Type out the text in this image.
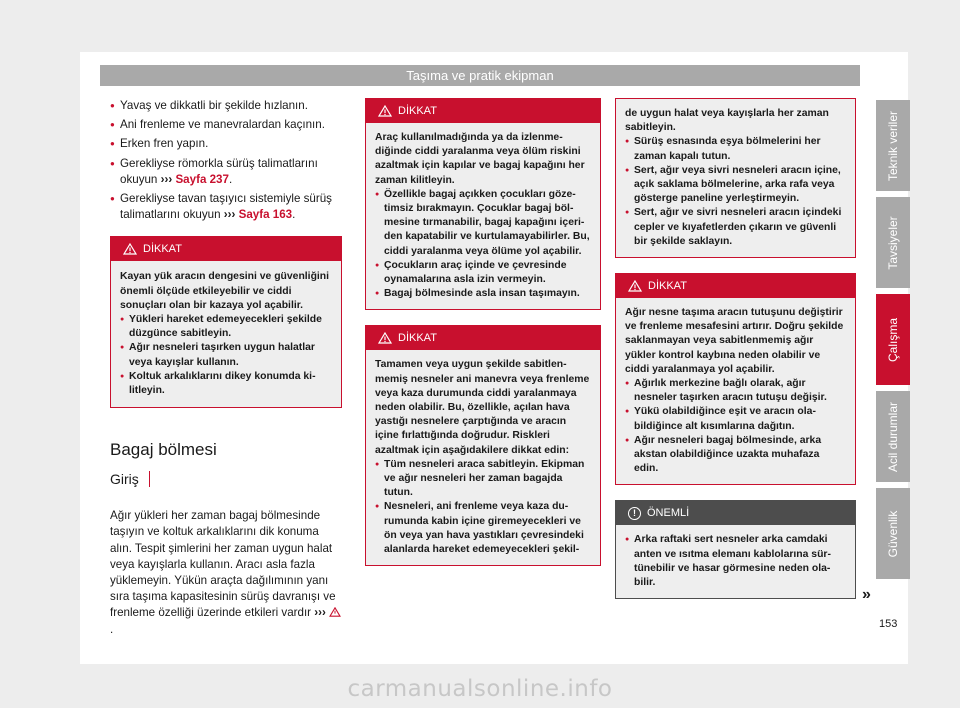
Taşıma ve pratik ekipman
● Yavaş ve dikkatli bir şekilde hızlanın.
● Ani frenleme ve manevralardan kaçının.
● Erken fren yapın.
● Gerekliyse römorkla sürüş talimatlarını okuyun ››› Sayfa 237.
● Gerekliyse tavan taşıyıcı sistemiyle sürüş talimatlarını okuyun ››› Sayfa 163.
DİKKAT
Kayan yük aracın dengesini ve güvenliğini önemli ölçüde etkileyebilir ve ciddi sonuçları olan bir kazaya yol açabilir.
● Yükleri hareket edemeyecekleri şekilde düzgünce sabitleyin.
● Ağır nesneleri taşırken uygun halatlar veya kayışlar kullanın.
● Koltuk arkalıklarını dikey konumda kilitleyin.
Bagaj bölmesi
Giriş
Ağır yükleri her zaman bagaj bölmesinde taşıyın ve koltuk arkalıklarını dik konuma alın. Tespit şimlerini her zaman uygun halat veya kayışlarla kullanın. Aracı asla fazla yüklemeyin. Yükün araçta dağılımının yanı sıra taşıma kapasitesinin sürüş davranışı ve frenleme özelliği üzerinde etkileri vardır ››› .
DİKKAT
Araç kullanılmadığında ya da izlenmediğinde ciddi yaralanma veya ölüm riskini azaltmak için kapılar ve bagaj kapağını her zaman kilitleyin.
● Özellikle bagaj açıkken çocukları gözetimsiz bırakmayın. Çocuklar bagaj bölmesine tırmanabilir, bagaj kapağını içeriden kapatabilir ve kurtulamayabilirler. Bu, ciddi yaralanma veya ölüme yol açabilir.
● Çocukların araç içinde ve çevresinde oynamalarına asla izin vermeyin.
● Bagaj bölmesinde asla insan taşımayın.
DİKKAT
Tamamen veya uygun şekilde sabitlenmemiş nesneler ani manevra veya frenleme veya kaza durumunda ciddi yaralanmaya neden olabilir. Bu, özellikle, açılan hava yastığı nesnelere çarptığında ve aracın içine fırlattığında doğrudur. Riskleri azaltmak için aşağıdakilere dikkat edin:
● Tüm nesneleri araca sabitleyin. Ekipman ve ağır nesneleri her zaman bagajda tutun.
● Nesneleri, ani frenleme veya kaza durumunda kabin içine giremeyecekleri ve ön veya yan hava yastıkları çevresindeki alanlarda hareket edemeyecekleri şekil-
de uygun halat veya kayışlarla her zaman sabitleyin.
● Sürüş esnasında eşya bölmelerini her zaman kapalı tutun.
● Sert, ağır veya sivri nesneleri aracın içine, açık saklama bölmelerine, arka rafa veya gösterge paneline yerleştirmeyin.
● Sert, ağır ve sivri nesneleri aracın içindeki cepler ve kıyafetlerden çıkarın ve güvenli bir şekilde saklayın.
DİKKAT
Ağır nesne taşıma aracın tutuşunu değiştirir ve frenleme mesafesini artırır. Doğru şekilde saklanmayan veya sabitlenmemiş ağır yükler kontrol kaybına neden olabilir ve ciddi yaralanmaya yol açabilir.
● Ağırlık merkezine bağlı olarak, ağır nesneler taşırken aracın tutuşu değişir.
● Yükü olabildiğince eşit ve aracın olabildiğince alt kısımlarına dağıtın.
● Ağır nesneleri bagaj bölmesinde, arka akstan olabildiğince uzakta muhafaza edin.
!	ÖNEMLİ
● Arka raftaki sert nesneler arka camdaki anten ve ısıtma elemanı kablolarına sürtünebilir ve hasar görmesine neden olabilir.
»
Teknik veriler
Tavsiyeler
Çalışma
Acil durumlar
Güvenlik
153
carmanualsonline.info
